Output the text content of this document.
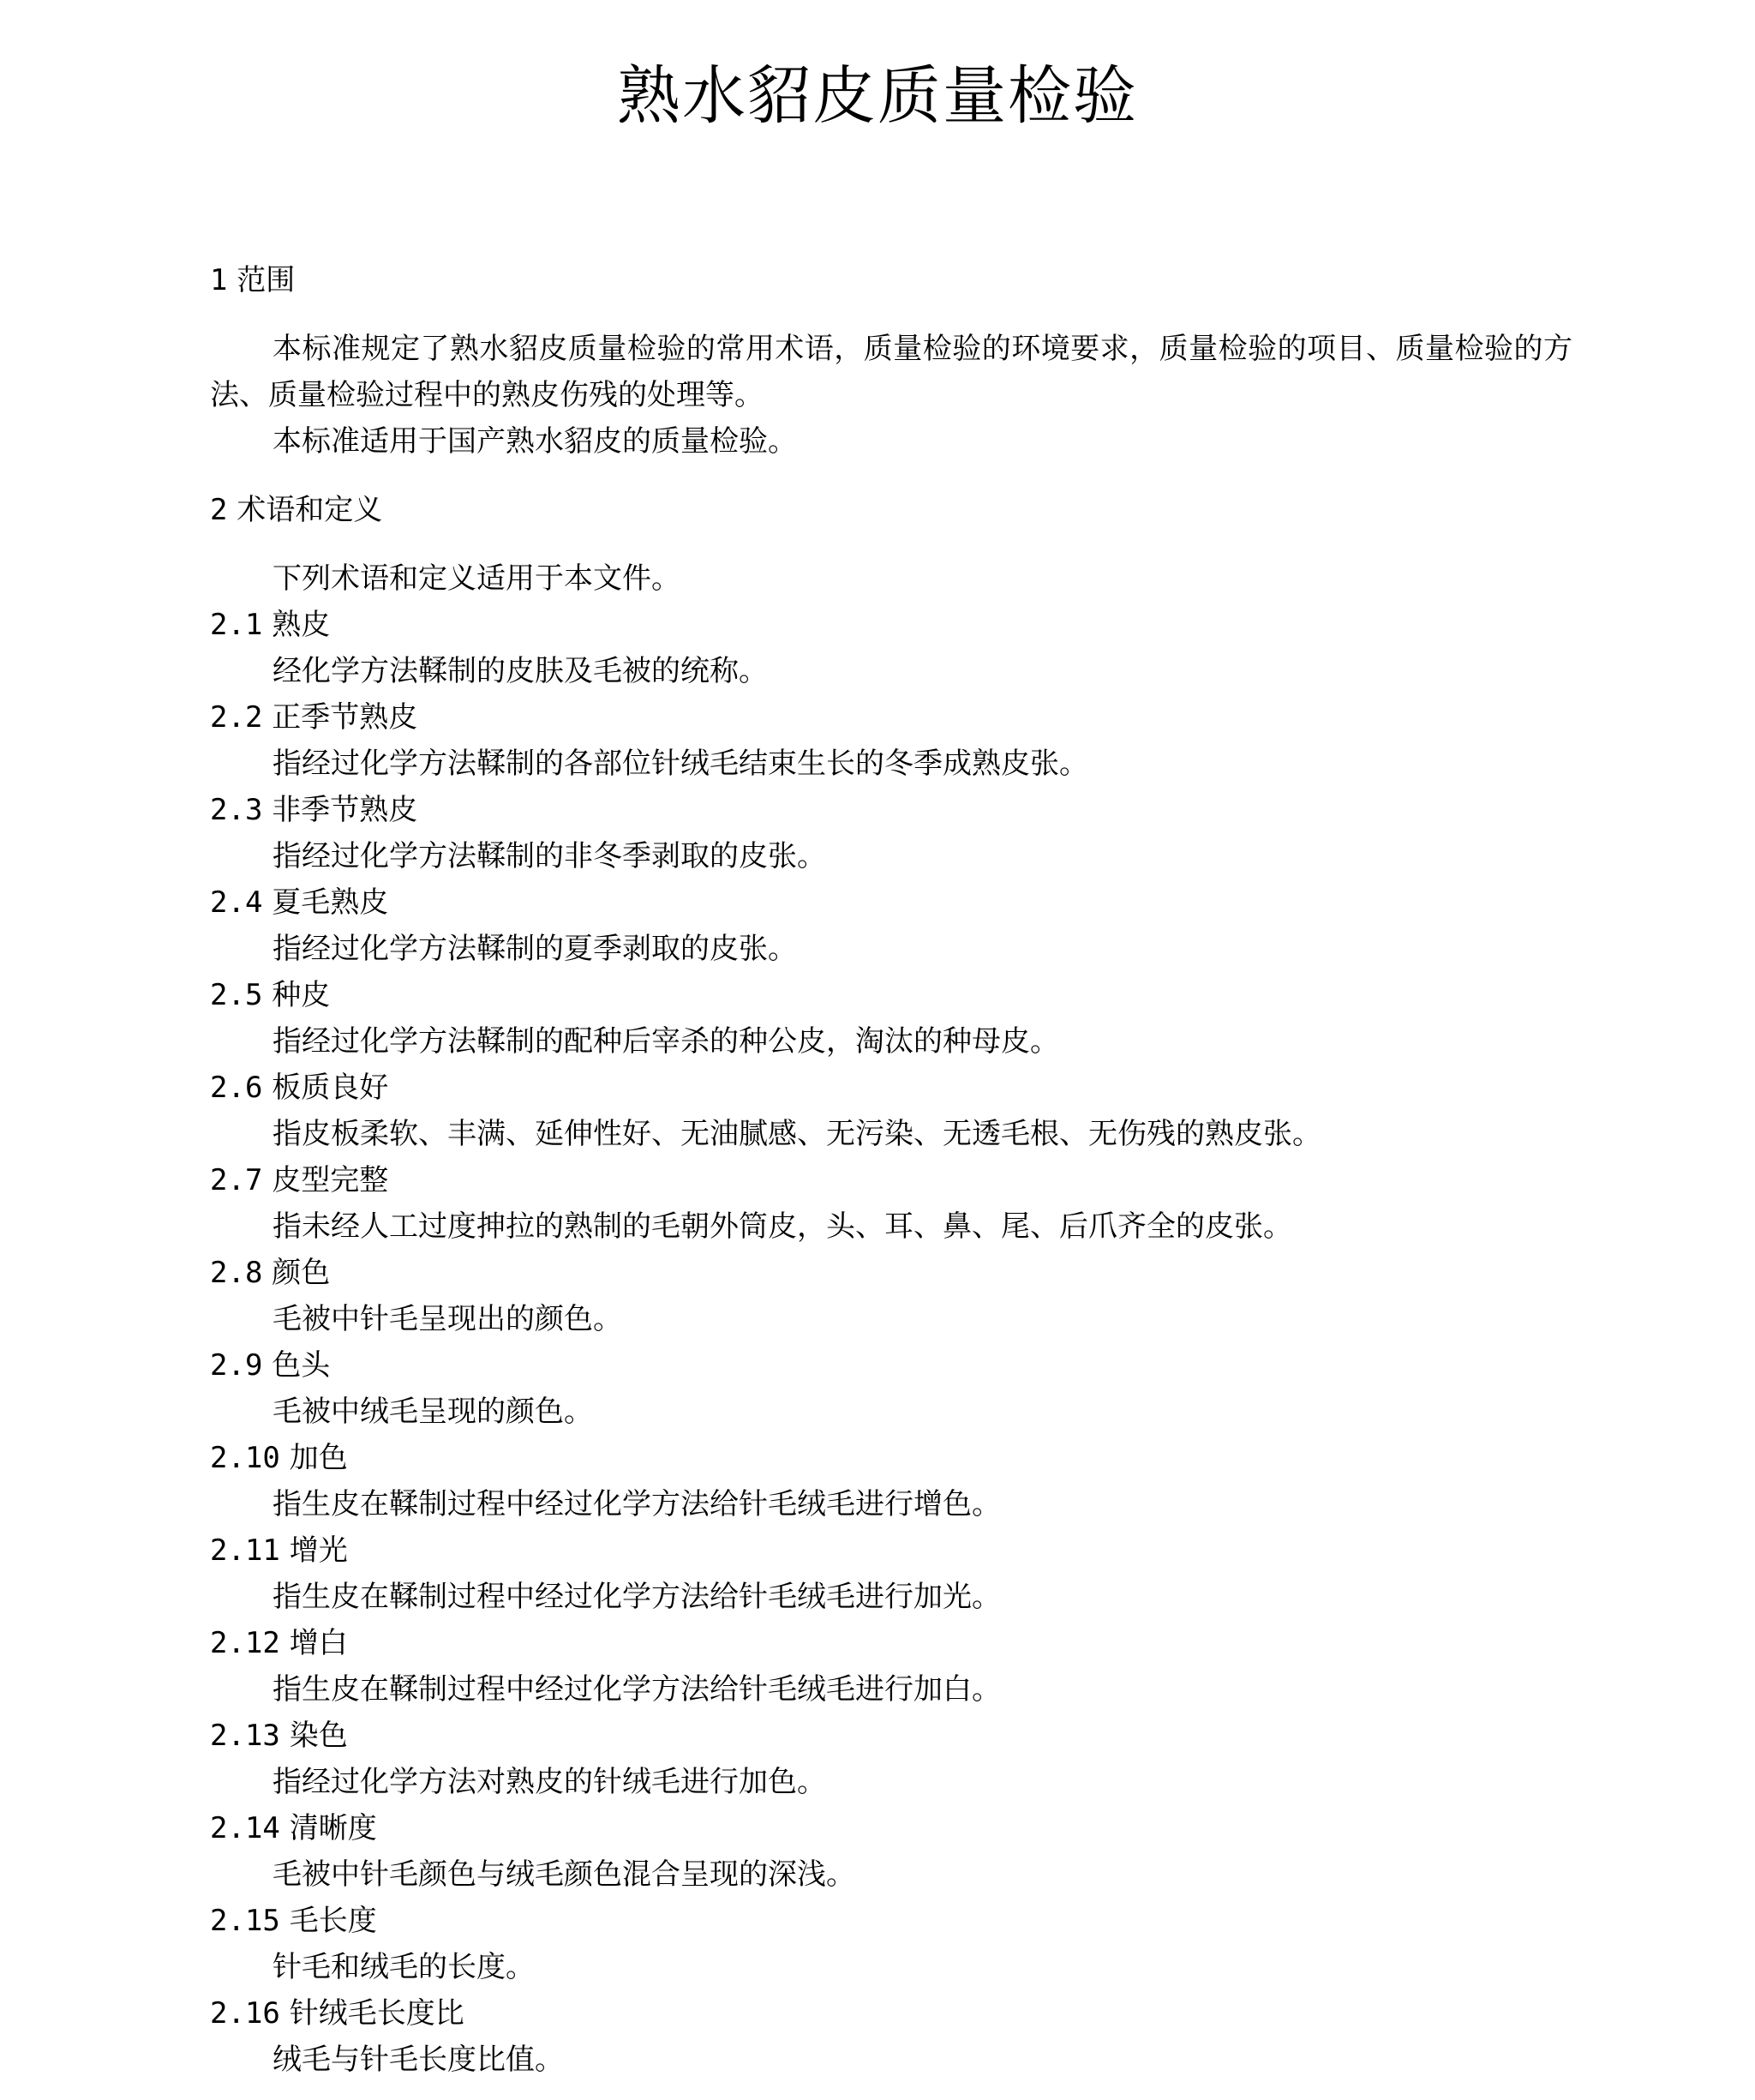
熟水貂皮质量检验
1 范围
本标准规定了熟水貂皮质量检验的常用术语，质量检验的环境要求，质量检验的项目、质量检验的方法、质量检验过程中的熟皮伤残的处理等。
本标准适用于国产熟水貂皮的质量检验。
2 术语和定义
下列术语和定义适用于本文件。
2.1 熟皮
经化学方法鞣制的皮肤及毛被的统称。
2.2 正季节熟皮
指经过化学方法鞣制的各部位针绒毛结束生长的冬季成熟皮张。
2.3 非季节熟皮
指经过化学方法鞣制的非冬季剥取的皮张。
2.4 夏毛熟皮
指经过化学方法鞣制的夏季剥取的皮张。
2.5 种皮
指经过化学方法鞣制的配种后宰杀的种公皮，淘汰的种母皮。
2.6 板质良好
指皮板柔软、丰满、延伸性好、无油腻感、无污染、无透毛根、无伤残的熟皮张。
2.7 皮型完整
指未经人工过度抻拉的熟制的毛朝外筒皮，头、耳、鼻、尾、后爪齐全的皮张。
2.8 颜色
毛被中针毛呈现出的颜色。
2.9 色头
毛被中绒毛呈现的颜色。
2.10 加色
指生皮在鞣制过程中经过化学方法给针毛绒毛进行增色。
2.11 增光
指生皮在鞣制过程中经过化学方法给针毛绒毛进行加光。
2.12 增白
指生皮在鞣制过程中经过化学方法给针毛绒毛进行加白。
2.13 染色
指经过化学方法对熟皮的针绒毛进行加色。
2.14 清晰度
毛被中针毛颜色与绒毛颜色混合呈现的深浅。
2.15 毛长度
针毛和绒毛的长度。
2.16 针绒毛长度比
绒毛与针毛长度比值。
